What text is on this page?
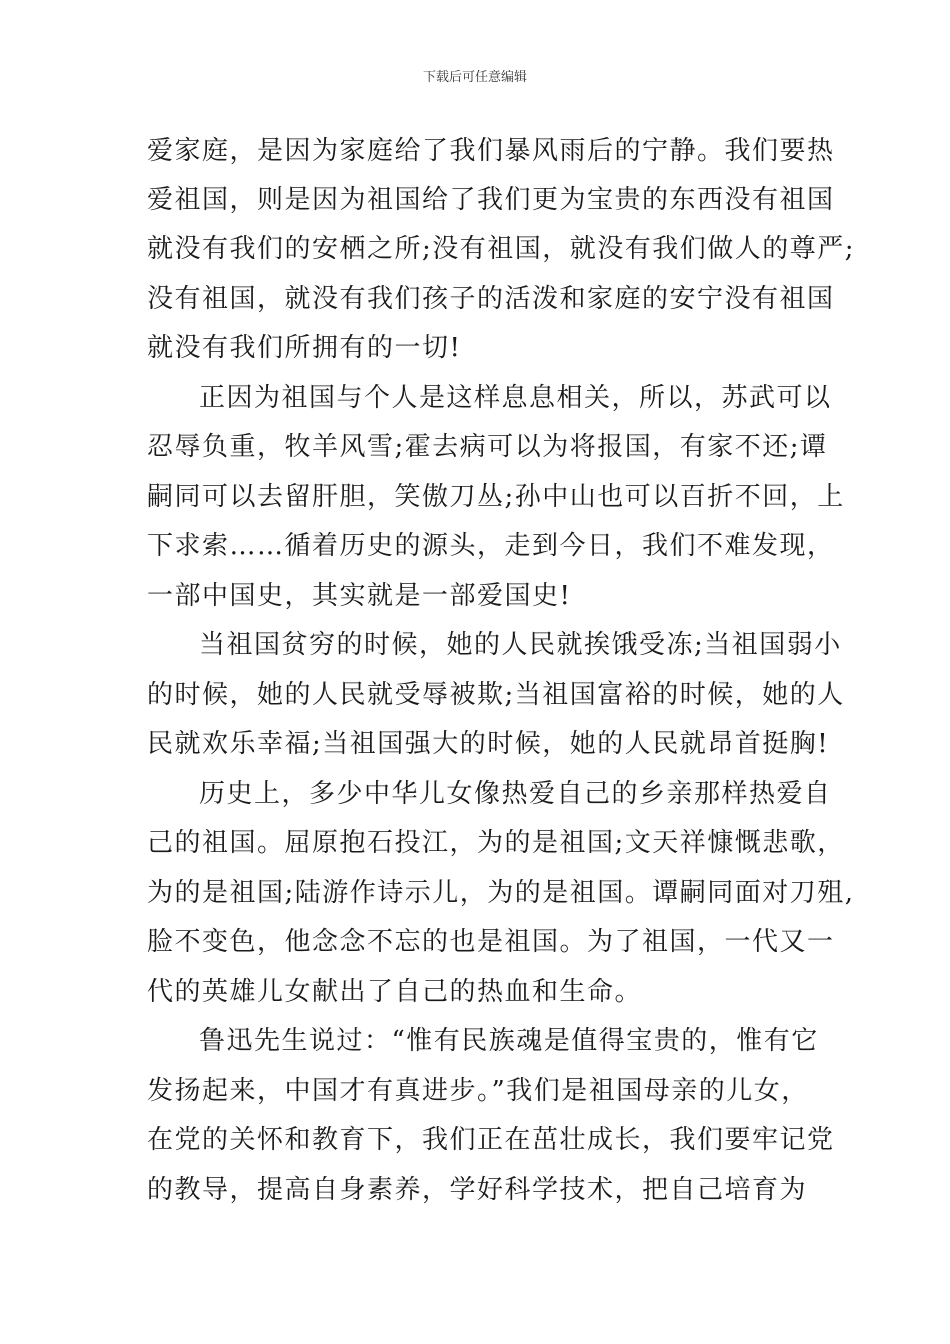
下载后可任意编辑
爱家庭，是因为家庭给了我们暴风雨后的宁静。我们要热
爱祖国，则是因为祖国给了我们更为宝贵的东西没有祖国
就没有我们的安栖之所;没有祖国，就没有我们做人的尊严;
没有祖国，就没有我们孩子的活泼和家庭的安宁没有祖国
就没有我们所拥有的一切!
正因为祖国与个人是这样息息相关，所以，苏武可以
忍辱负重，牧羊风雪;霍去病可以为将报国，有家不还;谭
嗣同可以去留肝胆，笑傲刀丛;孙中山也可以百折不回，上
下求索……循着历史的源头，走到今日，我们不难发现，
一部中国史，其实就是一部爱国史!
当祖国贫穷的时候，她的人民就挨饿受冻;当祖国弱小
的时候，她的人民就受辱被欺;当祖国富裕的时候，她的人
民就欢乐幸福;当祖国强大的时候，她的人民就昂首挺胸!
历史上，多少中华儿女像热爱自己的乡亲那样热爱自
己的祖国。屈原抱石投江，为的是祖国;文天祥慷慨悲歌，
为的是祖国;陆游作诗示儿，为的是祖国。谭嗣同面对刀殂,
脸不变色，他念念不忘的也是祖国。为了祖国，一代又一
代的英雄儿女献出了自己的热血和生命。
鲁迅先生说过：“惟有民族魂是值得宝贵的，惟有它
发扬起来，中国才有真进步。”我们是祖国母亲的儿女，
在党的关怀和教育下，我们正在茁壮成长，我们要牢记党
的教导，提高自身素养，学好科学技术，把自己培育为
